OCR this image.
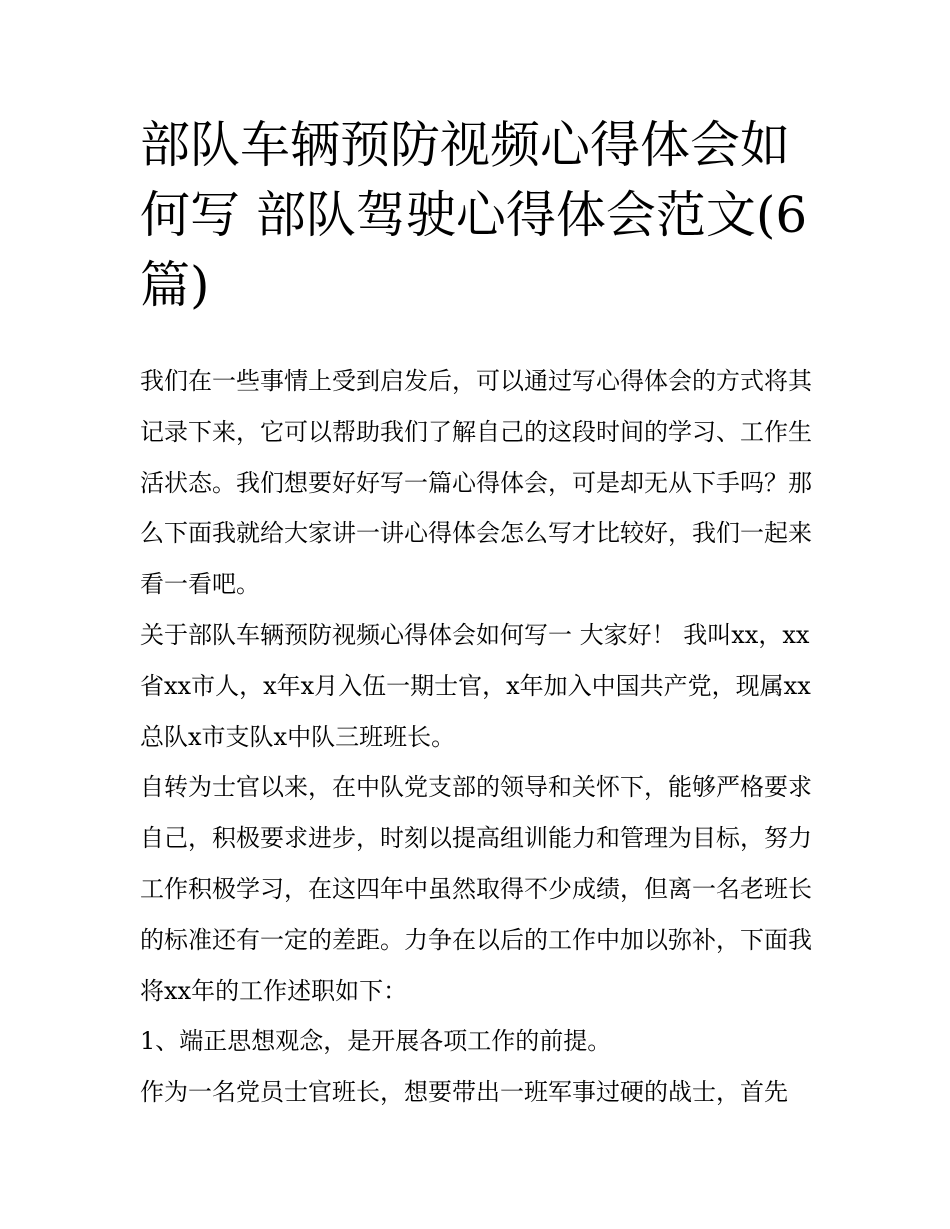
部队车辆预防视频心得体会如何写 部队驾驶心得体会范文(6篇)

我们在一些事情上受到启发后，可以通过写心得体会的方式将其记录下来，它可以帮助我们了解自己的这段时间的学习、工作生活状态。我们想要好好写一篇心得体会，可是却无从下手吗？那么下面我就给大家讲一讲心得体会怎么写才比较好，我们一起来看一看吧。

关于部队车辆预防视频心得体会如何写一 大家好！ 我叫xx，xx省xx市人，x年x月入伍一期士官，x年加入中国共产党，现属xx总队x市支队x中队三班班长。

自转为士官以来，在中队党支部的领导和关怀下，能够严格要求自己，积极要求进步，时刻以提高组训能力和管理为目标，努力工作积极学习，在这四年中虽然取得不少成绩，但离一名老班长的标准还有一定的差距。力争在以后的工作中加以弥补，下面我将xx年的工作述职如下：

1、端正思想观念，是开展各项工作的前提。

作为一名党员士官班长，想要带出一班军事过硬的战士，首先
